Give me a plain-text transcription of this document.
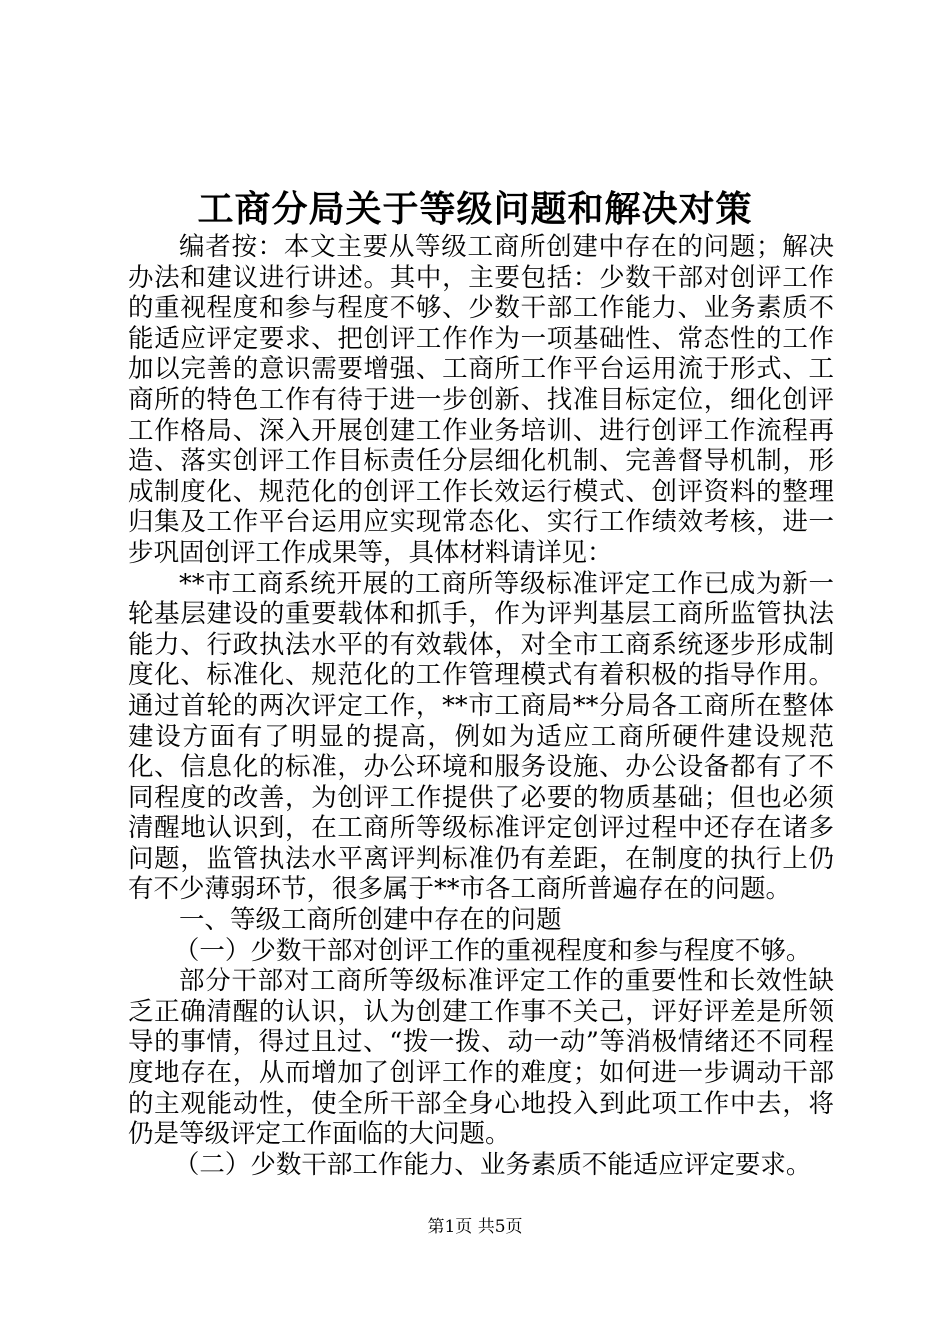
工商分局关于等级问题和解决对策

编者按：本文主要从等级工商所创建中存在的问题；解决办法和建议进行讲述。其中，主要包括：少数干部对创评工作的重视程度和参与程度不够、少数干部工作能力、业务素质不能适应评定要求、把创评工作作为一项基础性、常态性的工作加以完善的意识需要增强、工商所工作平台运用流于形式、工商所的特色工作有待于进一步创新、找准目标定位，细化创评工作格局、深入开展创建工作业务培训、进行创评工作流程再造、落实创评工作目标责任分层细化机制、完善督导机制，形成制度化、规范化的创评工作长效运行模式、创评资料的整理归集及工作平台运用应实现常态化、实行工作绩效考核，进一步巩固创评工作成果等，具体材料请详见：

**市工商系统开展的工商所等级标准评定工作已成为新一轮基层建设的重要载体和抓手，作为评判基层工商所监管执法能力、行政执法水平的有效载体，对全市工商系统逐步形成制度化、标准化、规范化的工作管理模式有着积极的指导作用。通过首轮的两次评定工作，**市工商局**分局各工商所在整体建设方面有了明显的提高，例如为适应工商所硬件建设规范化、信息化的标准，办公环境和服务设施、办公设备都有了不同程度的改善，为创评工作提供了必要的物质基础；但也必须清醒地认识到，在工商所等级标准评定创评过程中还存在诸多问题，监管执法水平离评判标准仍有差距，在制度的执行上仍有不少薄弱环节，很多属于**市各工商所普遍存在的问题。

一、等级工商所创建中存在的问题

（一）少数干部对创评工作的重视程度和参与程度不够。

部分干部对工商所等级标准评定工作的重要性和长效性缺乏正确清醒的认识，认为创建工作事不关己，评好评差是所领导的事情，得过且过、“拨一拨、动一动”等消极情绪还不同程度地存在，从而增加了创评工作的难度；如何进一步调动干部的主观能动性，使全所干部全身心地投入到此项工作中去，将仍是等级评定工作面临的大问题。

（二）少数干部工作能力、业务素质不能适应评定要求。

第1页 共5页
